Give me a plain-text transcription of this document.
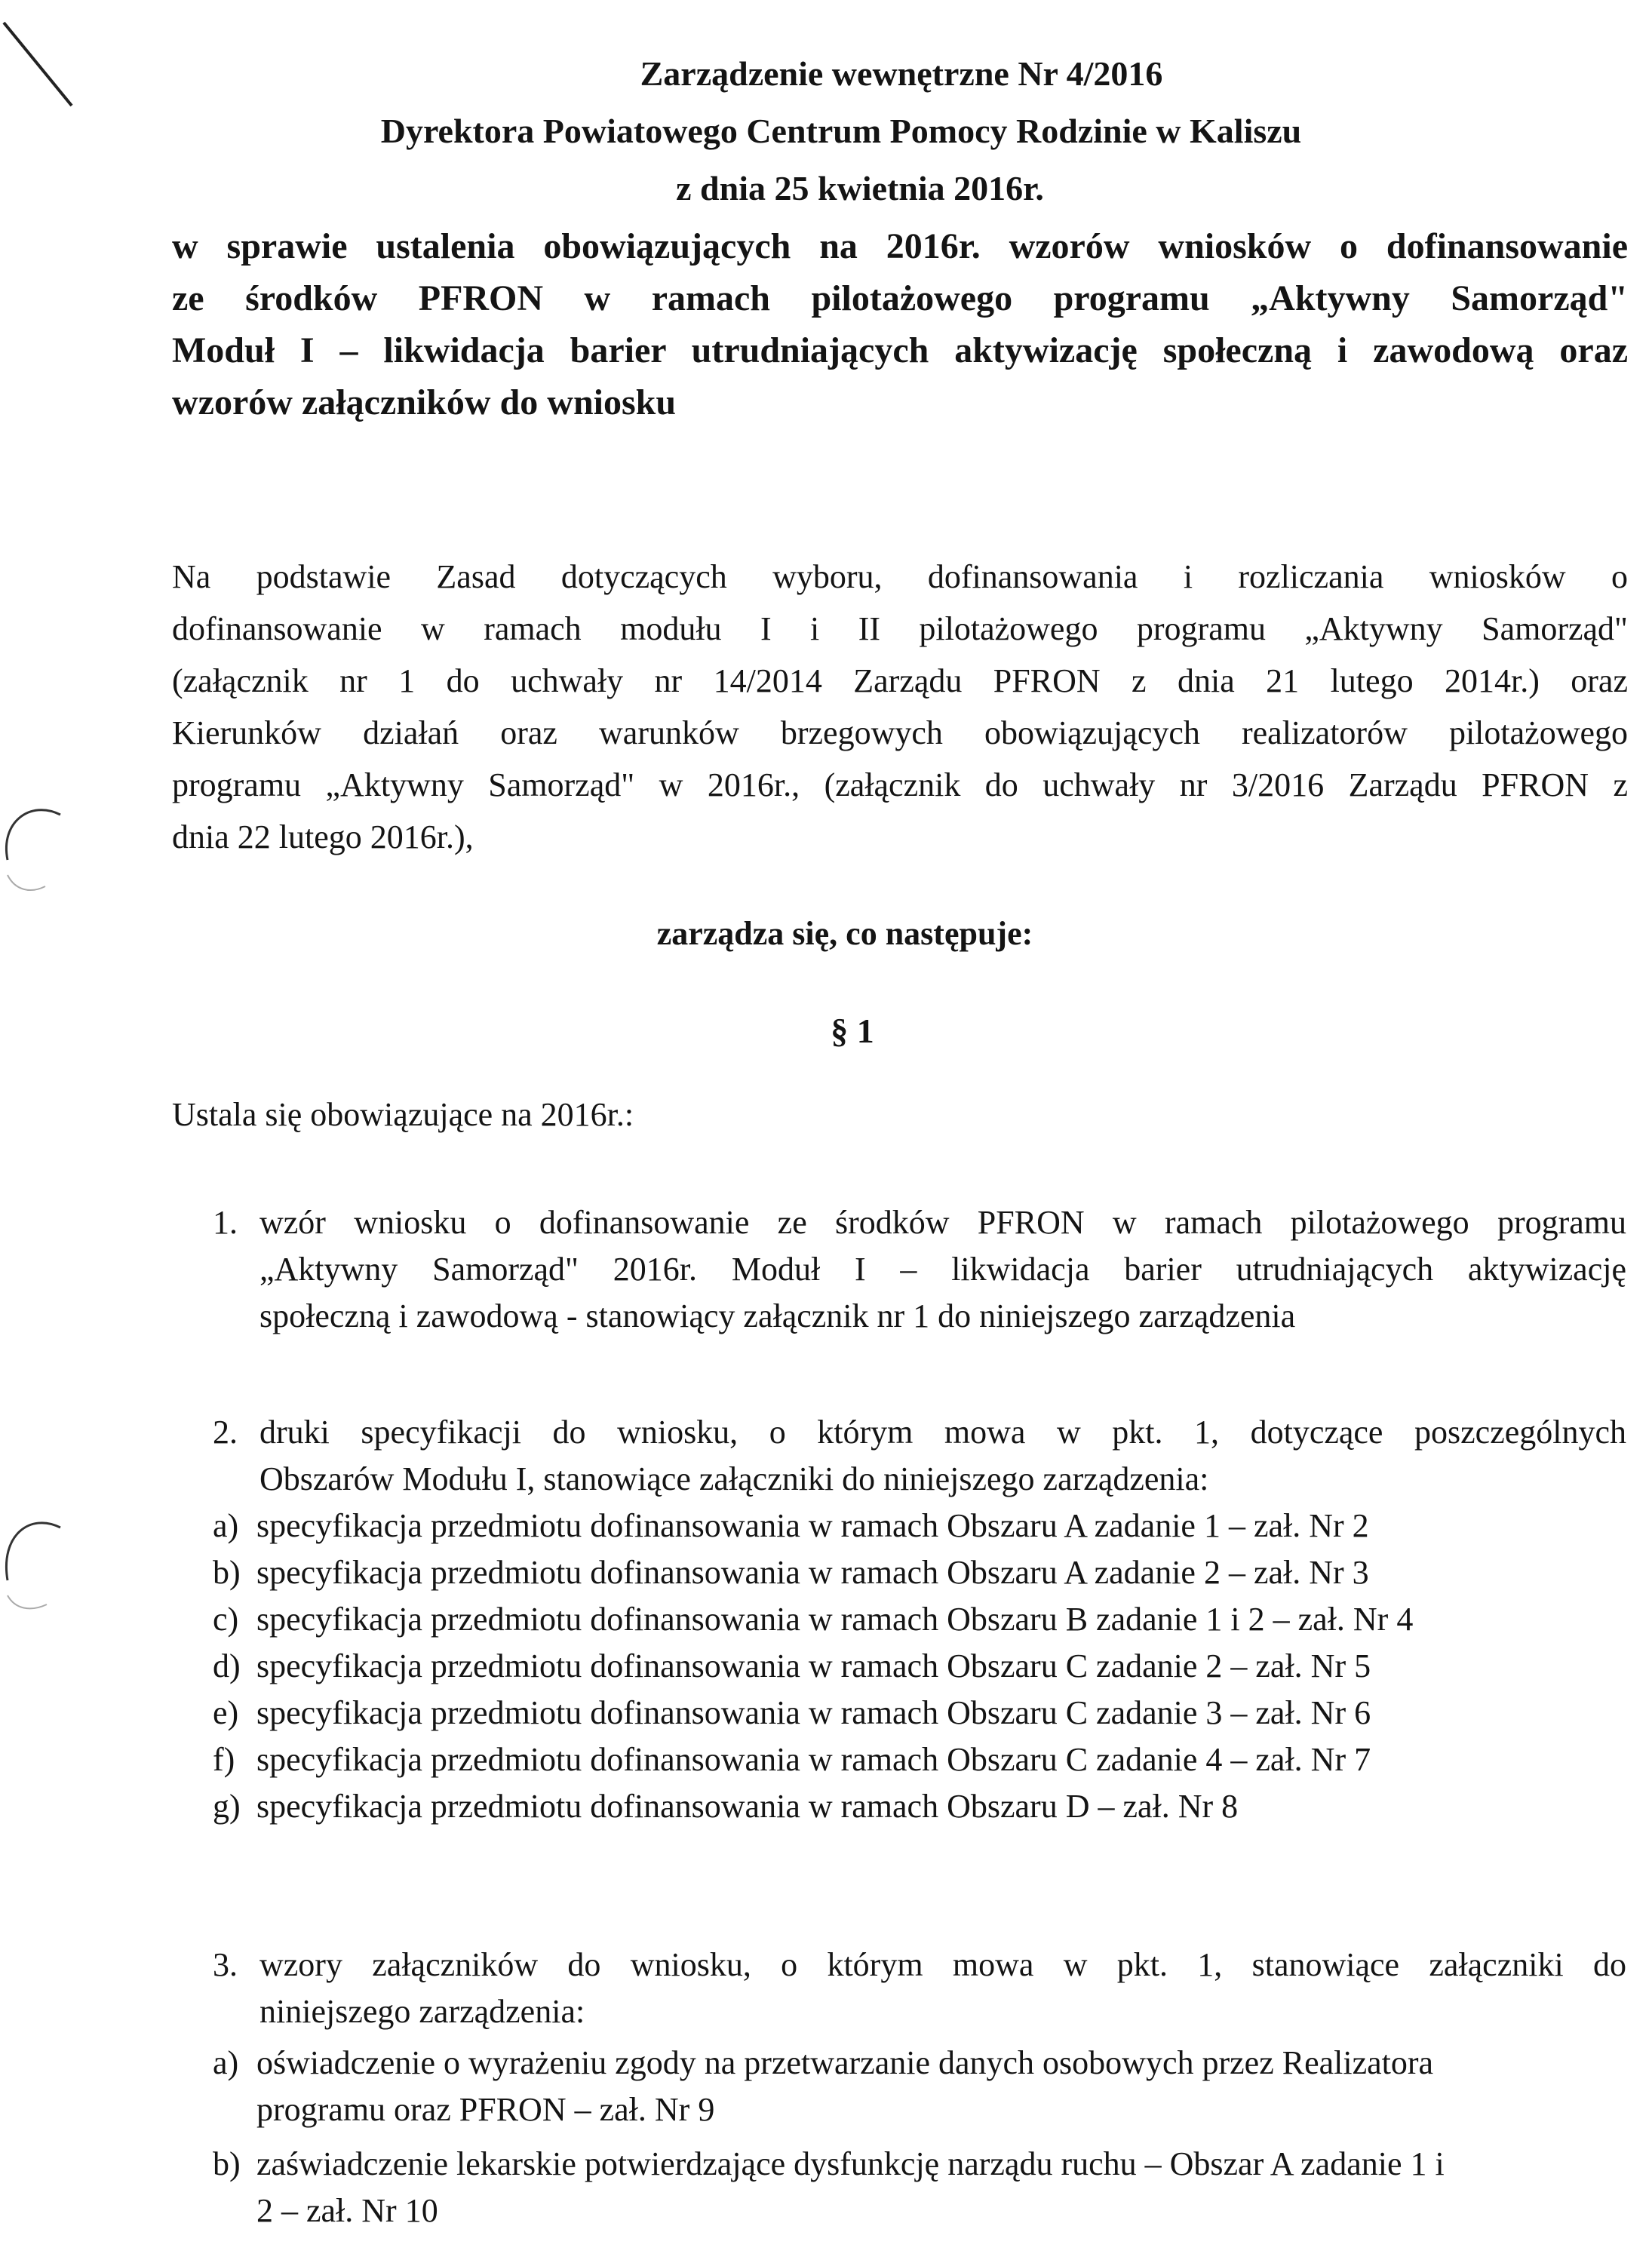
Zarządzenie wewnętrzne Nr 4/2016
Dyrektora Powiatowego Centrum Pomocy Rodzinie w Kaliszu
z dnia 25 kwietnia 2016r.
w sprawie ustalenia obowiązujących na 2016r. wzorów wniosków o dofinansowanie
ze środków PFRON w ramach pilotażowego programu „Aktywny Samorząd"
Moduł I – likwidacja barier utrudniających aktywizację społeczną i zawodową oraz
wzorów załączników do wniosku
Na podstawie Zasad dotyczących wyboru, dofinansowania i rozliczania wniosków o
dofinansowanie w ramach modułu I i II pilotażowego programu „Aktywny Samorząd"
(załącznik nr 1 do uchwały nr 14/2014 Zarządu PFRON z dnia 21 lutego 2014r.) oraz
Kierunków działań oraz warunków brzegowych obowiązujących realizatorów pilotażowego
programu „Aktywny Samorząd" w 2016r., (załącznik do uchwały nr 3/2016 Zarządu PFRON z
dnia 22 lutego 2016r.),
zarządza się, co następuje:
§ 1
Ustala się obowiązujące na 2016r.:
1. wzór wniosku o dofinansowanie ze środków PFRON w ramach pilotażowego programu
„Aktywny Samorząd" 2016r. Moduł I – likwidacja barier utrudniających aktywizację
społeczną i zawodową - stanowiący załącznik nr 1 do niniejszego zarządzenia
2. druki specyfikacji do wniosku, o którym mowa w pkt. 1, dotyczące poszczególnych
Obszarów Modułu I, stanowiące załączniki do niniejszego zarządzenia:
a) specyfikacja przedmiotu dofinansowania w ramach Obszaru A zadanie 1 – zał. Nr 2
b) specyfikacja przedmiotu dofinansowania w ramach Obszaru A zadanie 2 – zał. Nr 3
c) specyfikacja przedmiotu dofinansowania w ramach Obszaru B zadanie 1 i 2 – zał. Nr 4
d) specyfikacja przedmiotu dofinansowania w ramach Obszaru C zadanie 2 – zał. Nr 5
e) specyfikacja przedmiotu dofinansowania w ramach Obszaru C zadanie 3 – zał. Nr 6
f) specyfikacja przedmiotu dofinansowania w ramach Obszaru C zadanie 4 – zał. Nr 7
g) specyfikacja przedmiotu dofinansowania w ramach Obszaru D – zał. Nr 8
3. wzory załączników do wniosku, o którym mowa w pkt. 1, stanowiące załączniki do
niniejszego zarządzenia:
a) oświadczenie o wyrażeniu zgody na przetwarzanie danych osobowych przez Realizatora
programu oraz PFRON – zał. Nr 9
b) zaświadczenie lekarskie potwierdzające dysfunkcję narządu ruchu – Obszar A zadanie 1 i
2 – zał. Nr 10
